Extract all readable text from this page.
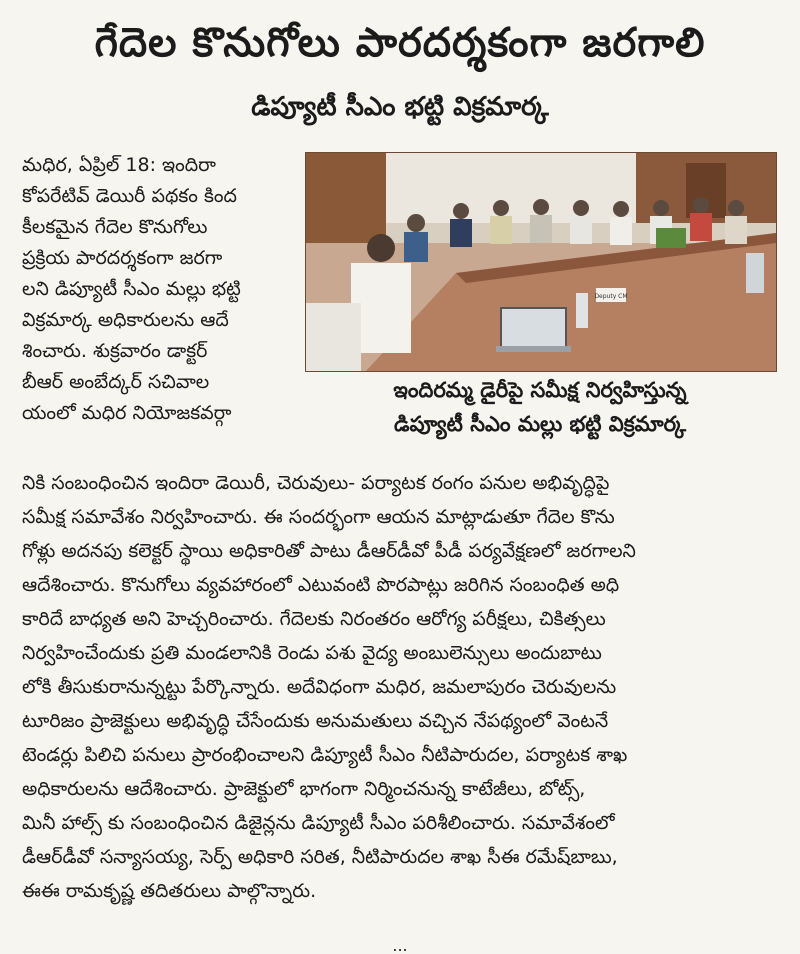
గేదెల కొనుగోలు పారదర్శకంగా జరగాలి
డిప్యూటీ సీఎం భట్టి విక్రమార్క
మధిర, ఏప్రిల్ 18: ఇందిరా
కోపరేటివ్ డెయిరీ పథకం కింద
కీలకమైన గేదెల కొనుగోలు
ప్రక్రియ పారదర్శకంగా జరగా
లని డిప్యూటీ సీఎం మల్లు భట్టి
విక్రమార్క అధికారులను ఆదే
శించారు. శుక్రవారం డాక్టర్
బీఆర్ అంబేద్కర్ సచివాల
యంలో మధిర నియోజకవర్గా
Deputy CM
ఇందిరమ్మ డైరీపై సమీక్ష నిర్వహిస్తున్న
డిప్యూటీ సీఎం మల్లు భట్టి విక్రమార్క
నికి సంబంధించిన ఇందిరా డెయిరీ, చెరువులు- పర్యాటక రంగం పనుల అభివృద్ధిపై
సమీక్ష సమావేశం నిర్వహించారు. ఈ సందర్భంగా ఆయన మాట్లాడుతూ గేదెల కొను
గోళ్లు అదనపు కలెక్టర్ స్థాయి అధికారితో పాటు డీఆర్‌డీవో పీడీ పర్యవేక్షణలో జరగాలని
ఆదేశించారు. కొనుగోలు వ్యవహారంలో ఎటువంటి పొరపాట్లు జరిగిన సంబంధిత అధి
కారిదే బాధ్యత అని హెచ్చరించారు. గేదెలకు నిరంతరం ఆరోగ్య పరీక్షలు, చికిత్సలు
నిర్వహించేందుకు ప్రతి మండలానికి రెండు పశు వైద్య అంబులెన్సులు అందుబాటు
లోకి తీసుకురానున్నట్టు పేర్కొన్నారు. అదేవిధంగా మధిర, జమలాపురం చెరువులను
టూరిజం ప్రాజెక్టులు అభివృద్ధి చేసేందుకు అనుమతులు వచ్చిన నేపథ్యంలో వెంటనే
టెండర్లు పిలిచి పనులు ప్రారంభించాలని డిప్యూటీ సీఎం నీటిపారుదల, పర్యాటక శాఖ
అధికారులను ఆదేశించారు. ప్రాజెక్టులో భాగంగా నిర్మించనున్న కాటేజీలు, బోట్స్,
మినీ హాల్స్ కు సంబంధించిన డిజైన్లను డిప్యూటీ సీఎం పరిశీలించారు. సమావేశంలో
డీఆర్‌డీవో సన్యాసయ్య, సెర్ప్ అధికారి సరిత, నీటిపారుదల శాఖ సీఈ రమేష్‌బాబు,
ఈఈ రామకృష్ణ తదితరులు పాల్గొన్నారు.
...
